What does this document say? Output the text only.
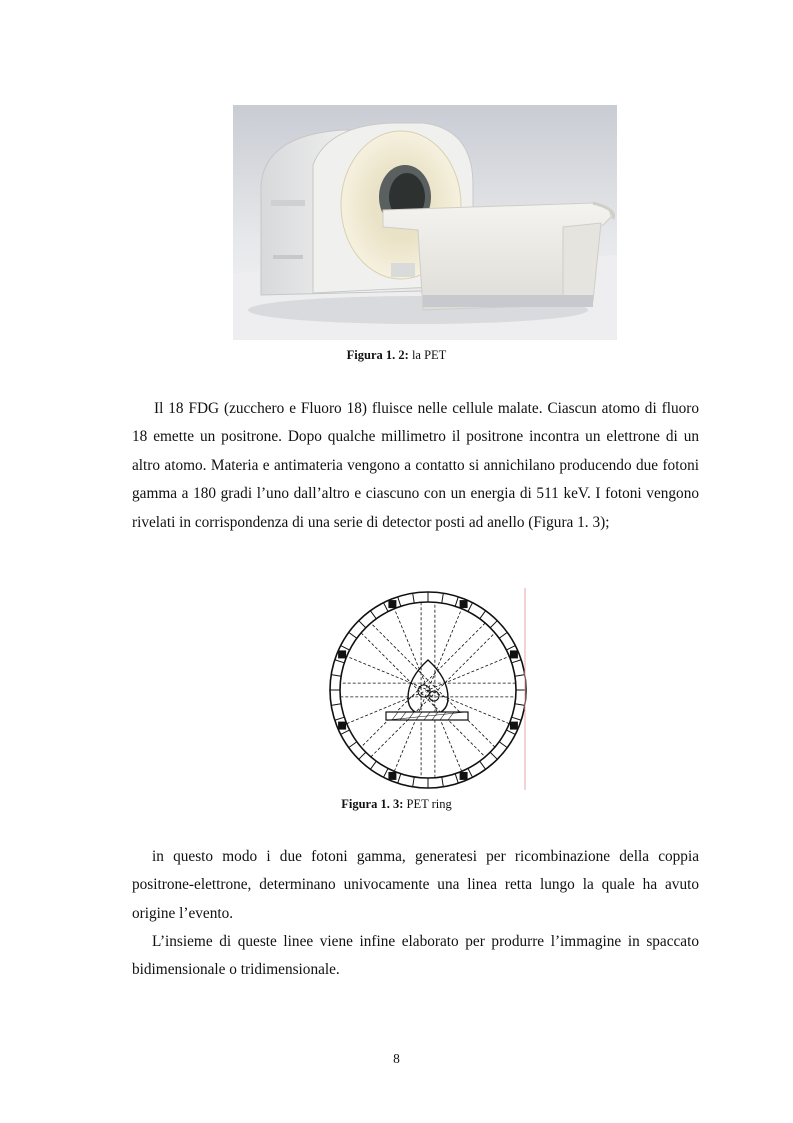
Figura 1. 2: la PET

Il 18 FDG (zucchero e Fluoro 18) fluisce nelle cellule malate. Ciascun atomo di fluoro 18 emette un positrone. Dopo qualche millimetro il positrone incontra un elettrone di un altro atomo. Materia e antimateria vengono a contatto si annichilano producendo due fotoni gamma a 180 gradi l’uno dall’altro e ciascuno con un energia di 511 keV. I fotoni vengono rivelati in corrispondenza di una serie di detector posti ad anello (Figura 1. 3);

Figura 1. 3: PET ring

in questo modo i due fotoni gamma, generatesi per ricombinazione della coppia positrone-elettrone, determinano univocamente una linea retta lungo la quale ha avuto origine l’evento.

L’insieme di queste linee viene infine elaborato per produrre l’immagine in spaccato bidimensionale o tridimensionale.

8
